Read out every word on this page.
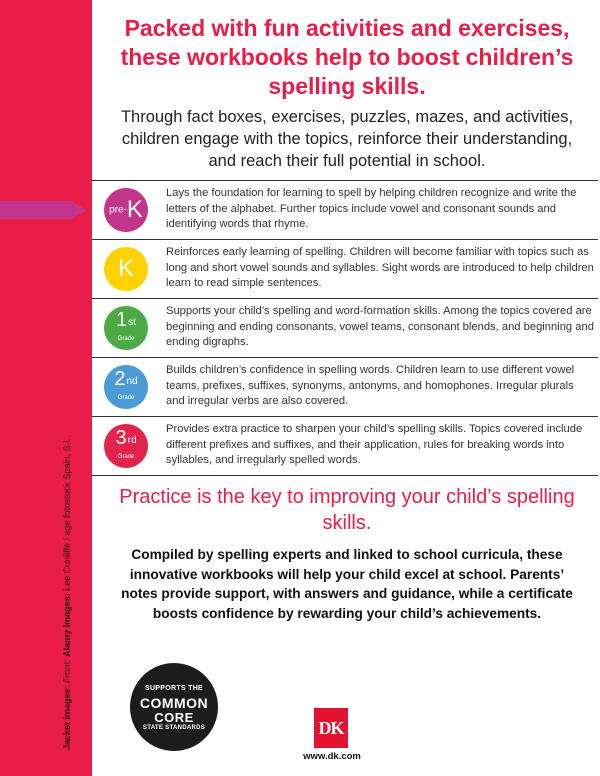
Jacket images: Front: Alamy Images: Lee Cunliffe / age fotostock Spain, S.L.
Packed with fun activities and exercises, these workbooks help to boost children’s spelling skills.
Through fact boxes, exercises, puzzles, mazes, and activities, children engage with the topics, reinforce their understanding, and reach their full potential in school.
pre-K
Lays the foundation for learning to spell by helping children recognize and write the letters of the alphabet. Further topics include vowel and consonant sounds and identifying words that rhyme.
K
Reinforces early learning of spelling. Children will become familiar with topics such as long and short vowel sounds and syllables. Sight words are introduced to help children learn to read simple sentences.
1st
Grade
Supports your child’s spelling and word-formation skills. Among the topics covered are beginning and ending consonants, vowel teams, consonant blends, and beginning and ending digraphs.
2nd
Grade
Builds children’s confidence in spelling words. Children learn to use different vowel teams, prefixes, suffixes, synonyms, antonyms, and homophones. Irregular plurals and irregular verbs are also covered.
3rd
Grade
Provides extra practice to sharpen your child’s spelling skills. Topics covered include different prefixes and suffixes, and their application, rules for breaking words into syllables, and irregularly spelled words.
Practice is the key to improving your child’s spelling skills.
Compiled by spelling experts and linked to school curricula, these innovative workbooks will help your child excel at school. Parents’ notes provide support, with answers and guidance, while a certificate boosts confidence by rewarding your child’s achievements.
SUPPORTS THE
COMMON
CORE
STATE STANDARDS	DK
www.dk.com
